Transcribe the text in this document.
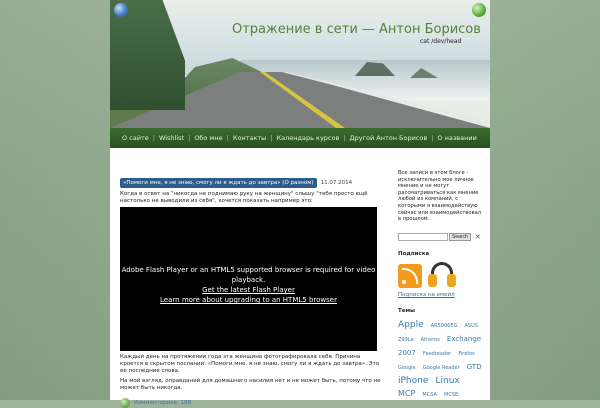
Отражение в сети — Антон Борисов
cat /dev/head
О сайте | Wishlist | Обо мне | Контакты | Календарь курсов | Другой Антон Борисов | О названии
«Помоги мне, я не знаю, смогу ли я ждать до завтра» (О разном)	11.07.2014
Когда в ответ на "никогда не поднимаю руку на женщину" слышу "тебя просто ещё настолько не выводили из себя", хочется показать например это:
Adobe Flash Player or an HTML5 supported browser is required for video playback.
Get the latest Flash Player
Learn more about upgrading to an HTML5 browser
Каждый день на протяжении года эта женщина фотографировала себя. Причина кроется в скрытом послании: «Помоги мне, я не знаю, смогу ли я ждать до завтра». Это ее последние слова.
На мой взгляд, оправданий для домашнего насилия нет и не может быть, потому что не может быть никогда.
Комментариев: 108
Все записи в этом блоге - исключительно мое личное мнение и не могут рассматриваться как мнение любой из компаний, с которыми я взаимодействую сейчас или взаимодействовал в прошлом.
Search	✕
Подписка
Подписка на емейл
Темы
Apple AR5006EG ASUS Z99Le Atheros Exchange 2007 Feedreader Firefox Google Google Reader GTD iPhone Linux MCP MCSA MCSE
